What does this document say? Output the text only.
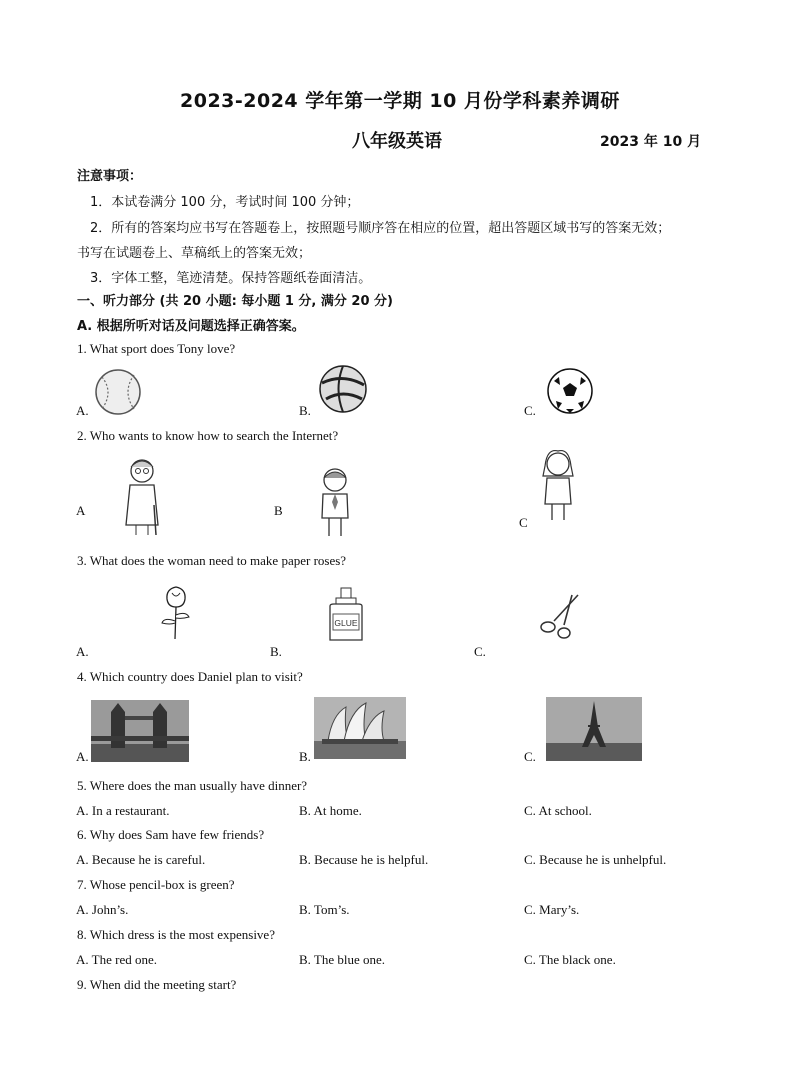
2023-2024 学年第一学期 10 月份学科素养调研
八年级英语	2023 年 10 月
注意事项：
1．本试卷满分 100 分，考试时间 100 分钟；
2．所有的答案均应书写在答题卷上，按照题号顺序答在相应的位置，超出答题区域书写的答案无效；
书写在试题卷上、草稿纸上的答案无效；
3．字体工整，笔迹清楚。保持答题纸卷面清洁。
一、听力部分 (共 20 小题: 每小题 1 分, 满分 20 分)
A. 根据所听对话及问题选择正确答案。
1. What sport does Tony love?
A.	B.	C.
2. Who wants to know how to search the Internet?
A	B
C
3. What does the woman need to make paper roses?
A.	B.	C.
GLUE
4. Which country does Daniel plan to visit?
A.	B.	C.
5. Where does the man usually have dinner?
A. In a restaurant.	B. At home.	C. At school.
6. Why does Sam have few friends?
A. Because he is careful.	B. Because he is helpful.	C. Because he is unhelpful.
7. Whose pencil-box is green?
A. John’s.	B. Tom’s.	C. Mary’s.
8. Which dress is the most expensive?
A. The red one.	B. The blue one.	C. The black one.
9. When did the meeting start?
